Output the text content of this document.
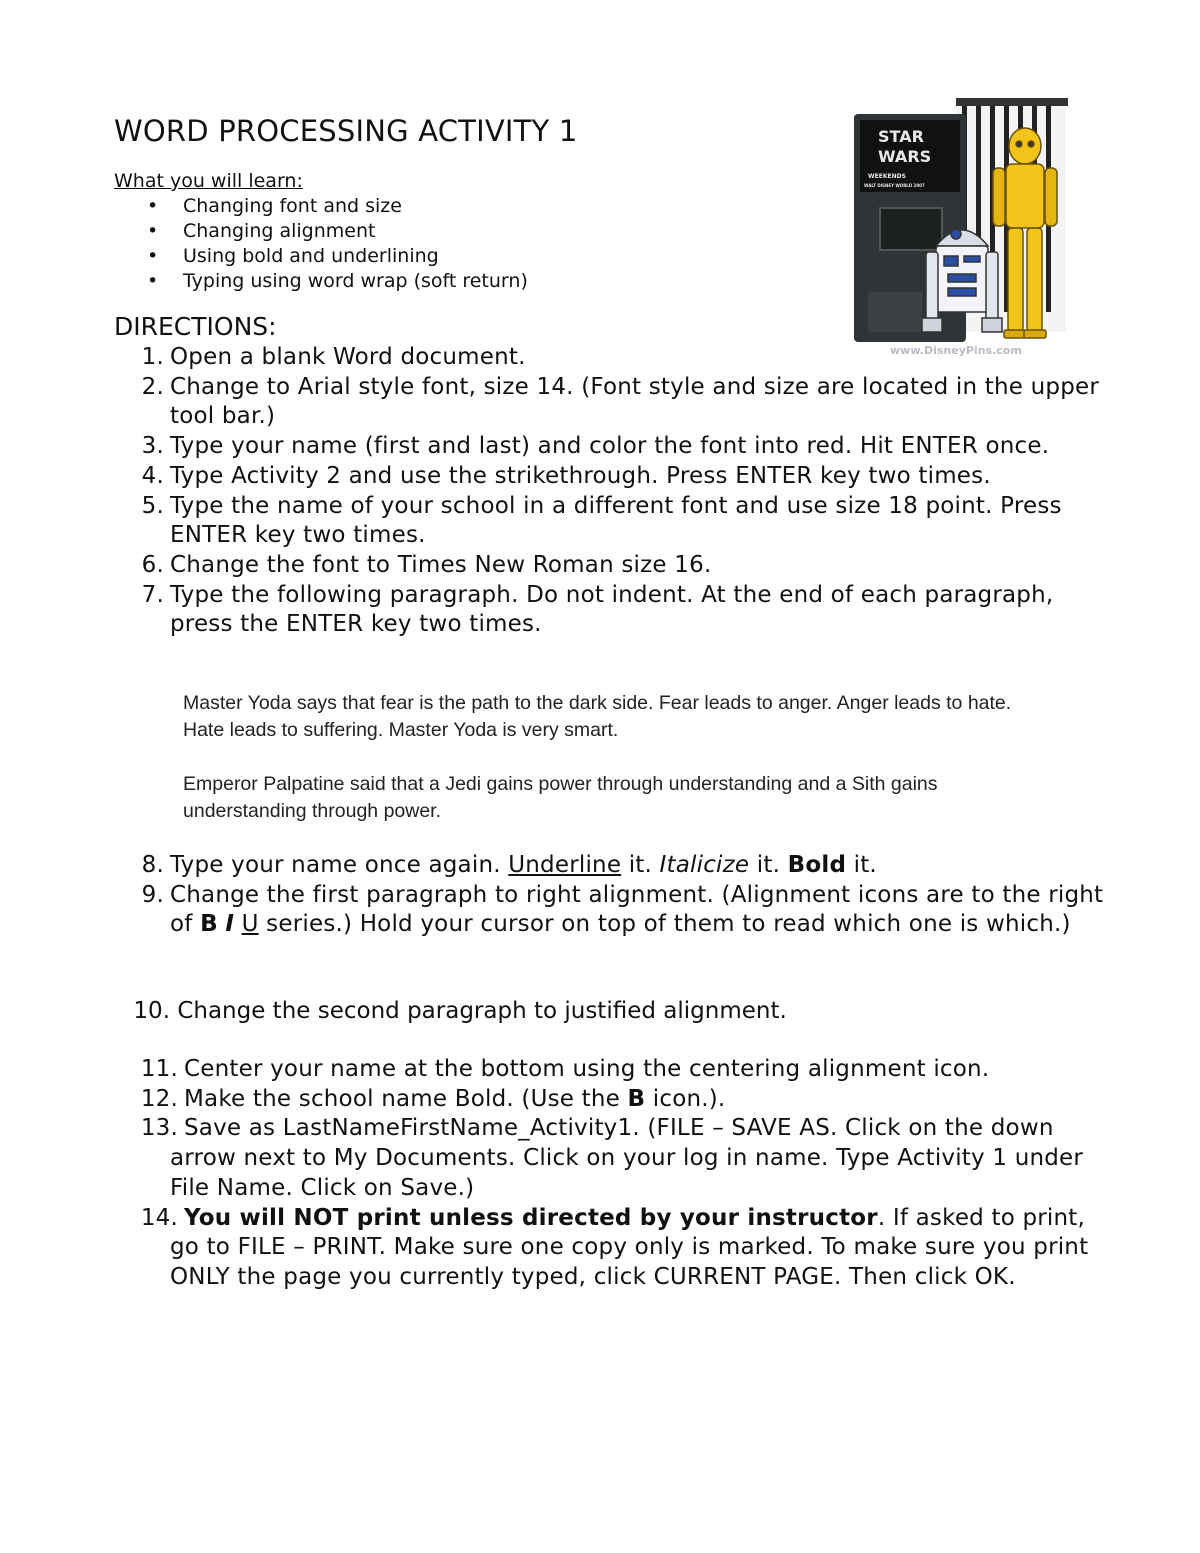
WORD PROCESSING ACTIVITY 1
What you will learn:
• Changing font and size
• Changing alignment
• Using bold and underlining
• Typing using word wrap (soft return)
DIRECTIONS:
1. Open a blank Word document.
2. Change to Arial style font, size 14. (Font style and size are located in the upper tool bar.)
3. Type your name (first and last) and color the font into red. Hit ENTER once.
4. Type Activity 2 and use the strikethrough. Press ENTER key two times.
5. Type the name of your school in a different font and use size 18 point. Press ENTER key two times.
6. Change the font to Times New Roman size 16.
7. Type the following paragraph. Do not indent. At the end of each paragraph, press the ENTER key two times.

Master Yoda says that fear is the path to the dark side. Fear leads to anger. Anger leads to hate. Hate leads to suffering. Master Yoda is very smart.

Emperor Palpatine said that a Jedi gains power through understanding and a Sith gains understanding through power.

8. Type your name once again. Underline it. Italicize it. Bold it.
9. Change the first paragraph to right alignment. (Alignment icons are to the right of B I U series.) Hold your cursor on top of them to read which one is which.)
10. Change the second paragraph to justified alignment.
11. Center your name at the bottom using the centering alignment icon.
12. Make the school name Bold. (Use the B icon.).
13. Save as LastNameFirstName_Activity1. (FILE – SAVE AS. Click on the down arrow next to My Documents. Click on your log in name. Type Activity 1 under File Name. Click on Save.)
14. You will NOT print unless directed by your instructor. If asked to print, go to FILE – PRINT. Make sure one copy only is marked. To make sure you print ONLY the page you currently typed, click CURRENT PAGE. Then click OK.
STAR
WARS
WEEKENDS
WALT DISNEY WORLD 2007
www.DisneyPins.com
